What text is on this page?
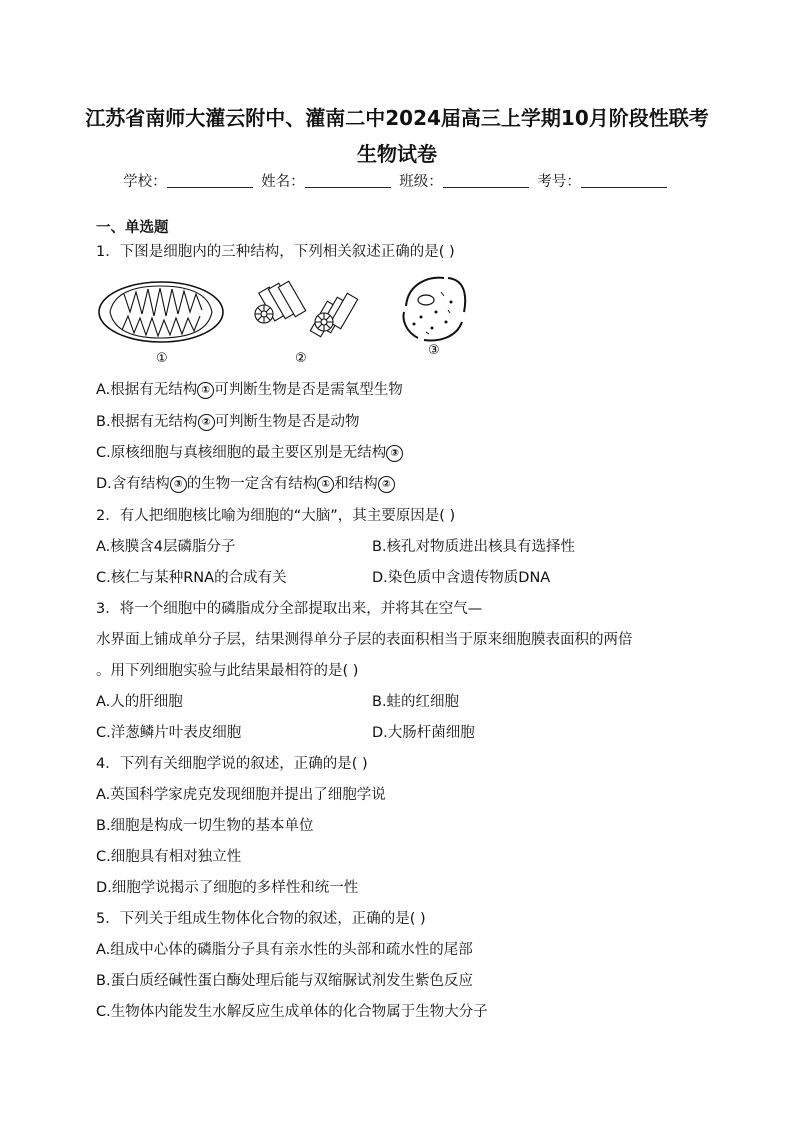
江苏省南师大灌云附中、灌南二中2024届高三上学期10月阶段性联考
生物试卷
学校：	姓名：	班级：	考号：
一、单选题
1．下图是细胞内的三种结构，下列相关叙述正确的是( )
①	②
③
A.根据有无结构 ① 可判断生物是否是需氧型生物
B.根据有无结构 ② 可判断生物是否是动物
C.原核细胞与真核细胞的最主要区别是无结构 ③
D.含有结构 ③ 的生物一定含有结构 ① 和结构 ②
2．有人把细胞核比喻为细胞的“大脑”，其主要原因是( )
A.核膜含4层磷脂分子	B.核孔对物质进出核具有选择性
C.核仁与某种RNA的合成有关	D.染色质中含遗传物质DNA
3．将一个细胞中的磷脂成分全部提取出来，并将其在空气—
水界面上铺成单分子层，结果测得单分子层的表面积相当于原来细胞膜表面积的两倍
。用下列细胞实验与此结果最相符的是( )
A.人的肝细胞	B.蛙的红细胞
C.洋葱鳞片叶表皮细胞	D.大肠杆菌细胞
4．下列有关细胞学说的叙述，正确的是( )
A.英国科学家虎克发现细胞并提出了细胞学说
B.细胞是构成一切生物的基本单位
C.细胞具有相对独立性
D.细胞学说揭示了细胞的多样性和统一性
5．下列关于组成生物体化合物的叙述，正确的是( )
A.组成中心体的磷脂分子具有亲水性的头部和疏水性的尾部
B.蛋白质经碱性蛋白酶处理后能与双缩脲试剂发生紫色反应
C.生物体内能发生水解反应生成单体的化合物属于生物大分子
